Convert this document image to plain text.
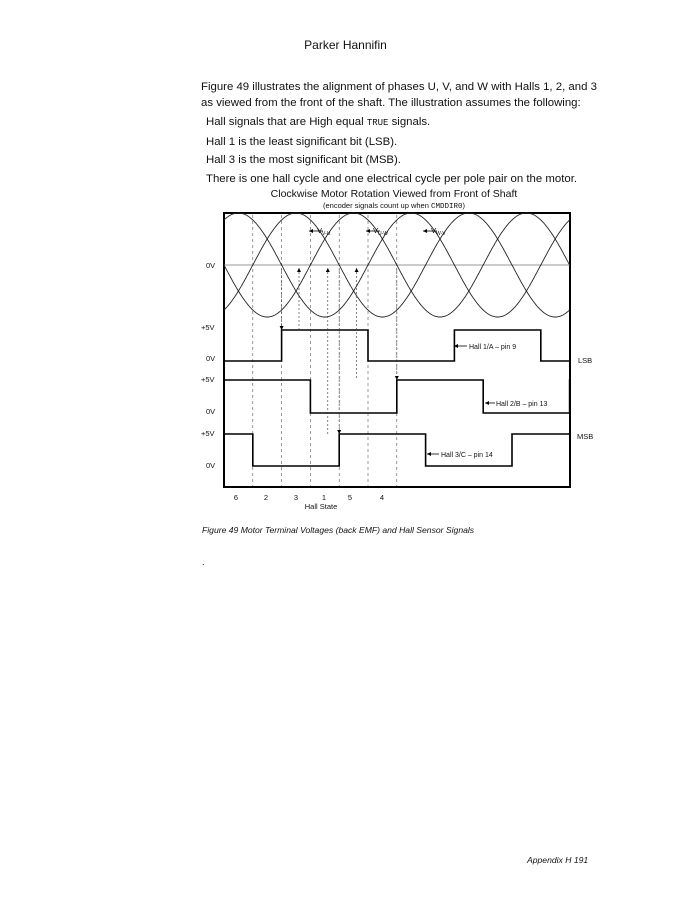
Parker Hannifin
Figure 49 illustrates the alignment of phases U, V, and W with Halls 1, 2, and 3 as viewed from the front of the shaft. The illustration assumes the following:
Hall signals that are High equal TRUE signals.
Hall 1 is the least significant bit (LSB).
Hall 3 is the most significant bit (MSB).
There is one hall cycle and one electrical cycle per pole pair on the motor.
Clockwise Motor Rotation Viewed from Front of Shaft
(encoder signals count up when CMDDIR0)
0V
+5V
0V
+5V
0V
+5V
0V
$V_{V-U}$	$V_{U-W}$	$V_{W-V}$
Hall 1/A – pin 9
Hall 2/B – pin 13
Hall 3/C – pin 14
LSB
MSB
6	2	3	1	5	4
Hall State
Figure 49 Motor Terminal Voltages (back EMF) and Hall Sensor Signals
.
Appendix H 191
